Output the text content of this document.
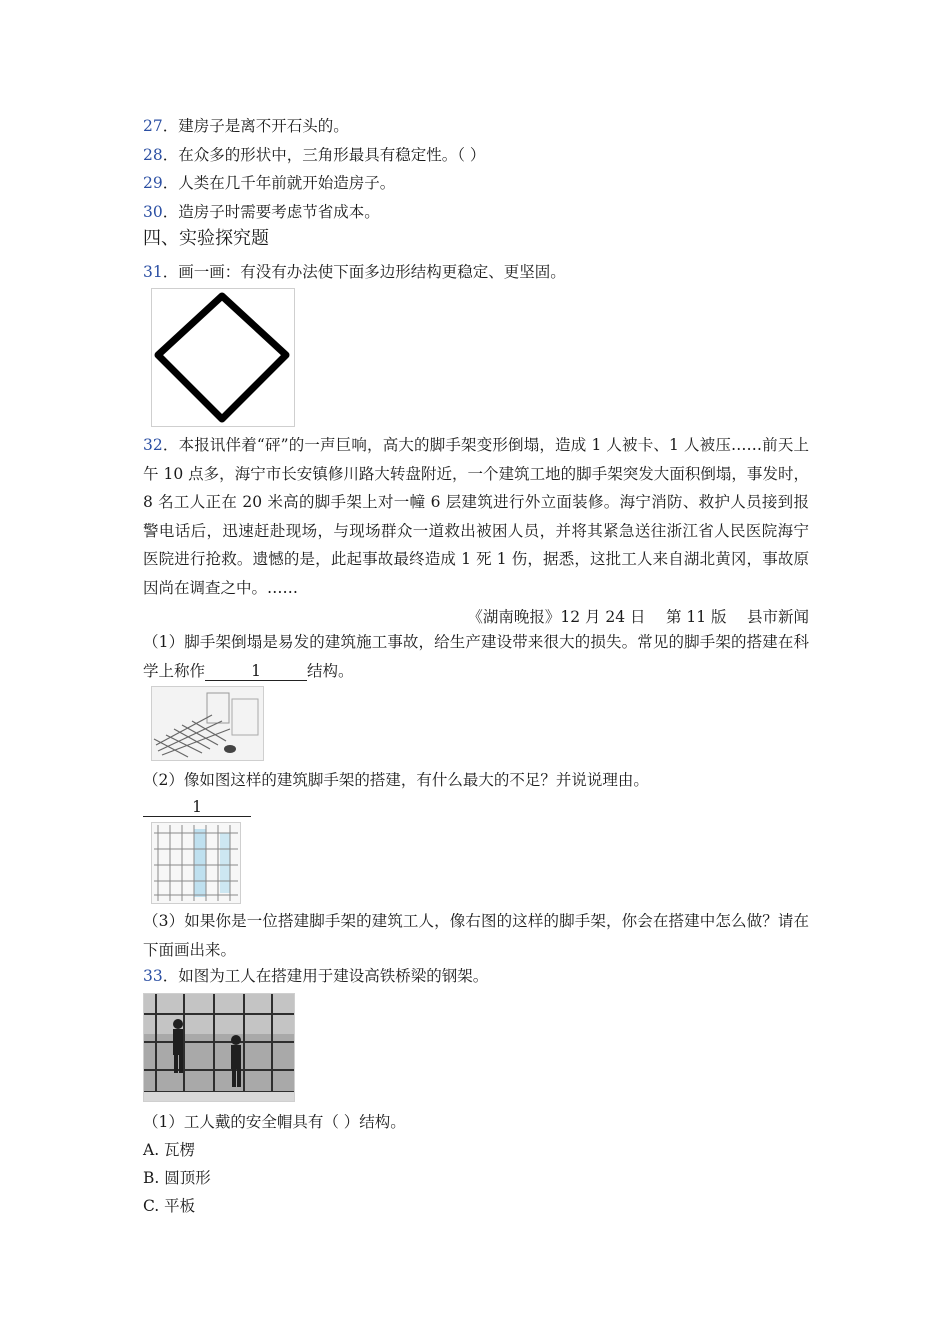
27．建房子是离不开石头的。
28．在众多的形状中，三角形最具有稳定性。（ ）
29．人类在几千年前就开始造房子。
30．造房子时需要考虑节省成本。
四、实验探究题
31．画一画：有没有办法使下面多边形结构更稳定、更坚固。
32．本报讯伴着“砰”的一声巨响，高大的脚手架变形倒塌，造成 1 人被卡、1 人被压……前天上午 10 点多，海宁市长安镇修川路大转盘附近，一个建筑工地的脚手架突发大面积倒塌，事发时，8 名工人正在 20 米高的脚手架上对一幢 6 层建筑进行外立面装修。海宁消防、救护人员接到报警电话后，迅速赶赴现场，与现场群众一道救出被困人员，并将其紧急送往浙江省人民医院海宁医院进行抢救。遗憾的是，此起事故最终造成 1 死 1 伤，据悉，这批工人来自湖北黄冈，事故原因尚在调查之中。……
《湖南晚报》12 月 24 日　 第 11 版　 县市新闻
（1）脚手架倒塌是易发的建筑施工事故，给生产建设带来很大的损失。常见的脚手架的搭建在科学上称作	1	结构。
（2）像如图这样的建筑脚手架的搭建，有什么最大的不足？并说说理由。
1
（3）如果你是一位搭建脚手架的建筑工人，像右图的这样的脚手架，你会在搭建中怎么做？请在下面画出来。
33．如图为工人在搭建用于建设高铁桥梁的钢架。
（1）工人戴的安全帽具有（ ）结构。
A. 瓦楞
B. 圆顶形
C. 平板
